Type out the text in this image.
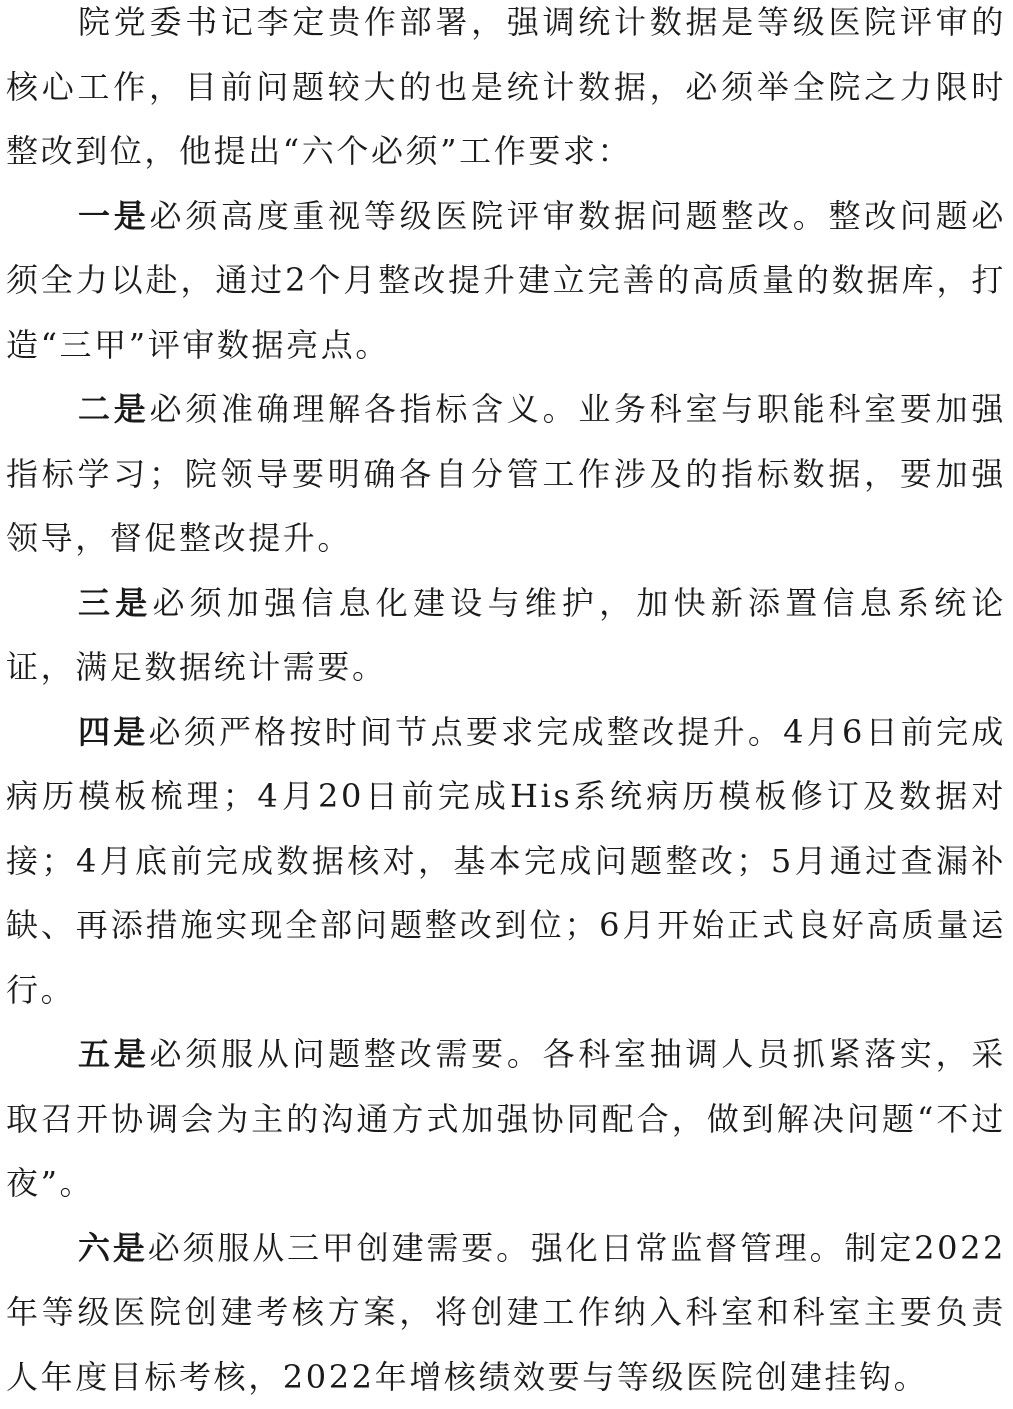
院党委书记李定贵作部署，强调统计数据是等级医院评审的核心工作，目前问题较大的也是统计数据，必须举全院之力限时整改到位，他提出“六个必须”工作要求：

一是必须高度重视等级医院评审数据问题整改。整改问题必须全力以赴，通过2个月整改提升建立完善的高质量的数据库，打造“三甲”评审数据亮点。

二是必须准确理解各指标含义。业务科室与职能科室要加强指标学习；院领导要明确各自分管工作涉及的指标数据，要加强领导，督促整改提升。

三是必须加强信息化建设与维护，加快新添置信息系统论证，满足数据统计需要。

四是必须严格按时间节点要求完成整改提升。4月6日前完成病历模板梳理；4月20日前完成His系统病历模板修订及数据对接；4月底前完成数据核对，基本完成问题整改；5月通过查漏补缺、再添措施实现全部问题整改到位；6月开始正式良好高质量运行。

五是必须服从问题整改需要。各科室抽调人员抓紧落实，采取召开协调会为主的沟通方式加强协同配合，做到解决问题“不过夜”。

六是必须服从三甲创建需要。强化日常监督管理。制定2022年等级医院创建考核方案，将创建工作纳入科室和科室主要负责人年度目标考核，2022年增核绩效要与等级医院创建挂钩。
